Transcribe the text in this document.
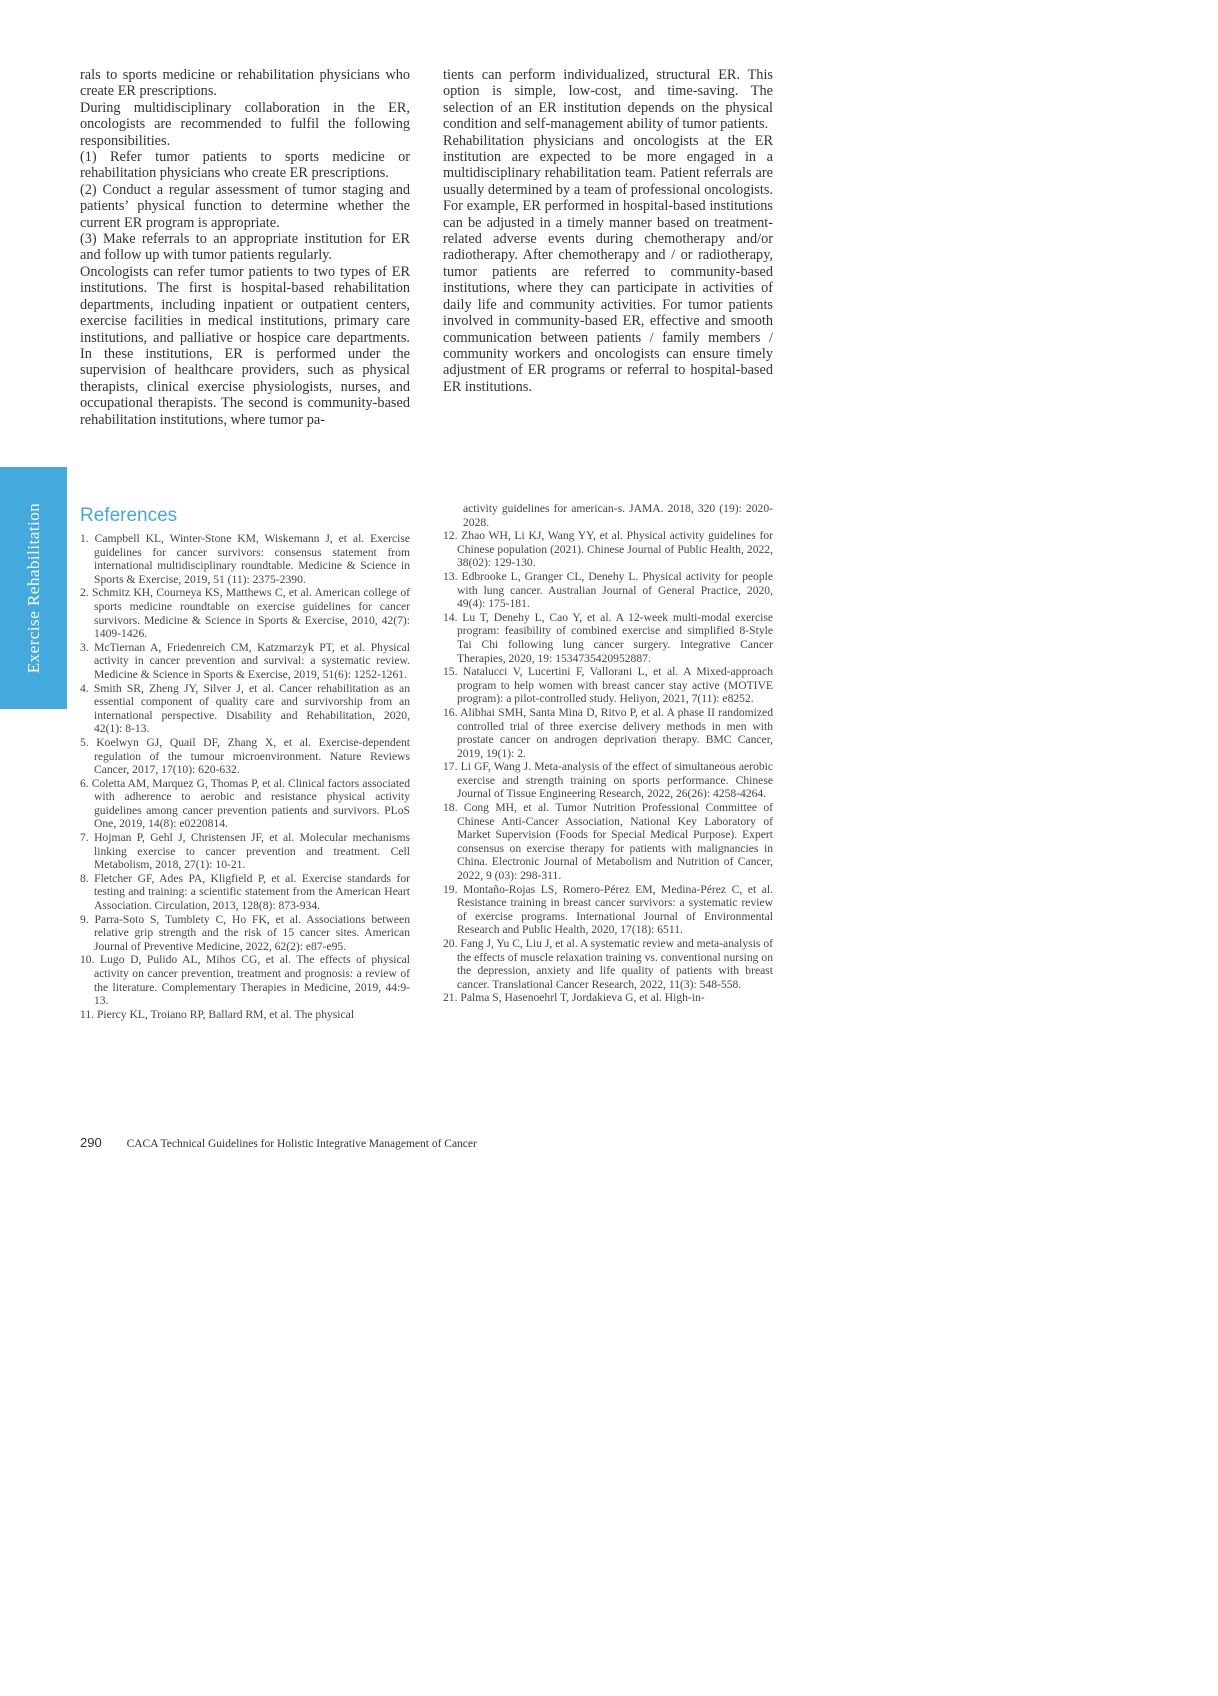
Exercise Rehabilitation

rals to sports medicine or rehabilitation physicians who create ER prescriptions.

During multidisciplinary collaboration in the ER, oncologists are recommended to fulfil the following responsibilities.

(1) Refer tumor patients to sports medicine or rehabilitation physicians who create ER prescriptions.

(2) Conduct a regular assessment of tumor staging and patients’ physical function to determine whether the current ER program is appropriate.

(3) Make referrals to an appropriate institution for ER and follow up with tumor patients regularly.

Oncologists can refer tumor patients to two types of ER institutions. The first is hospital-based rehabilitation departments, including inpatient or outpatient centers, exercise facilities in medical institutions, primary care institutions, and palliative or hospice care departments. In these institutions, ER is performed under the supervision of healthcare providers, such as physical therapists, clinical exercise physiologists, nurses, and occupational therapists. The second is community-based rehabilitation institutions, where tumor pa-

tients can perform individualized, structural ER. This option is simple, low-cost, and time-saving. The selection of an ER institution depends on the physical condition and self-management ability of tumor patients.

Rehabilitation physicians and oncologists at the ER institution are expected to be more engaged in a multidisciplinary rehabilitation team. Patient referrals are usually determined by a team of professional oncologists. For example, ER performed in hospital-based institutions can be adjusted in a timely manner based on treatment-related adverse events during chemotherapy and/or radiotherapy. After chemotherapy and / or radiotherapy, tumor patients are referred to community-based institutions, where they can participate in activities of daily life and community activities. For tumor patients involved in community-based ER, effective and smooth communication between patients / family members / community workers and oncologists can ensure timely adjustment of ER programs or referral to hospital-based ER institutions.

References
1. Campbell KL, Winter-Stone KM, Wiskemann J, et al. Exercise guidelines for cancer survivors: consensus statement from international multidisciplinary roundtable. Medicine & Science in Sports & Exercise, 2019, 51 (11): 2375-2390.
2. Schmitz KH, Courneya KS, Matthews C, et al. American college of sports medicine roundtable on exercise guidelines for cancer survivors. Medicine & Science in Sports & Exercise, 2010, 42(7): 1409-1426.
3. McTiernan A, Friedenreich CM, Katzmarzyk PT, et al. Physical activity in cancer prevention and survival: a systematic review. Medicine & Science in Sports & Exercise, 2019, 51(6): 1252-1261.
4. Smith SR, Zheng JY, Silver J, et al. Cancer rehabilitation as an essential component of quality care and survivorship from an international perspective. Disability and Rehabilitation, 2020, 42(1): 8-13.
5. Koelwyn GJ, Quail DF, Zhang X, et al. Exercise-dependent regulation of the tumour microenvironment. Nature Reviews Cancer, 2017, 17(10): 620-632.
6. Coletta AM, Marquez G, Thomas P, et al. Clinical factors associated with adherence to aerobic and resistance physical activity guidelines among cancer prevention patients and survivors. PLoS One, 2019, 14(8): e0220814.
7. Hojman P, Gehl J, Christensen JF, et al. Molecular mechanisms linking exercise to cancer prevention and treatment. Cell Metabolism, 2018, 27(1): 10-21.
8. Fletcher GF, Ades PA, Kligfield P, et al. Exercise standards for testing and training: a scientific statement from the American Heart Association. Circulation, 2013, 128(8): 873-934.
9. Parra-Soto S, Tumblety C, Ho FK, et al. Associations between relative grip strength and the risk of 15 cancer sites. American Journal of Preventive Medicine, 2022, 62(2): e87-e95.
10. Lugo D, Pulido AL, Mihos CG, et al. The effects of physical activity on cancer prevention, treatment and prognosis: a review of the literature. Complementary Therapies in Medicine, 2019, 44:9-13.
11. Piercy KL, Troiano RP, Ballard RM, et al. The physical
activity guidelines for american-s. JAMA. 2018, 320 (19): 2020-2028.
12. Zhao WH, Li KJ, Wang YY, et al. Physical activity guidelines for Chinese population (2021). Chinese Journal of Public Health, 2022, 38(02): 129-130.
13. Edbrooke L, Granger CL, Denehy L. Physical activity for people with lung cancer. Australian Journal of General Practice, 2020, 49(4): 175-181.
14. Lu T, Denehy L, Cao Y, et al. A 12-week multi-modal exercise program: feasibility of combined exercise and simplified 8-Style Tai Chi following lung cancer surgery. Integrative Cancer Therapies, 2020, 19: 1534735420952887.
15. Natalucci V, Lucertini F, Vallorani L, et al. A Mixed-approach program to help women with breast cancer stay active (MOTIVE program): a pilot-controlled study. Heliyon, 2021, 7(11): e8252.
16. Alibhai SMH, Santa Mina D, Ritvo P, et al. A phase II randomized controlled trial of three exercise delivery methods in men with prostate cancer on androgen deprivation therapy. BMC Cancer, 2019, 19(1): 2.
17. Li GF, Wang J. Meta-analysis of the effect of simultaneous aerobic exercise and strength training on sports performance. Chinese Journal of Tissue Engineering Research, 2022, 26(26): 4258-4264.
18. Cong MH, et al. Tumor Nutrition Professional Committee of Chinese Anti-Cancer Association, National Key Laboratory of Market Supervision (Foods for Special Medical Purpose). Expert consensus on exercise therapy for patients with malignancies in China. Electronic Journal of Metabolism and Nutrition of Cancer, 2022, 9 (03): 298-311.
19. Montaño-Rojas LS, Romero-Pérez EM, Medina-Pérez C, et al. Resistance training in breast cancer survivors: a systematic review of exercise programs. International Journal of Environmental Research and Public Health, 2020, 17(18): 6511.
20. Fang J, Yu C, Liu J, et al. A systematic review and meta-analysis of the effects of muscle relaxation training vs. conventional nursing on the depression, anxiety and life quality of patients with breast cancer. Translational Cancer Research, 2022, 11(3): 548-558.
21. Palma S, Hasenoehrl T, Jordakieva G, et al. High-in-
290 CACA Technical Guidelines for Holistic Integrative Management of Cancer
